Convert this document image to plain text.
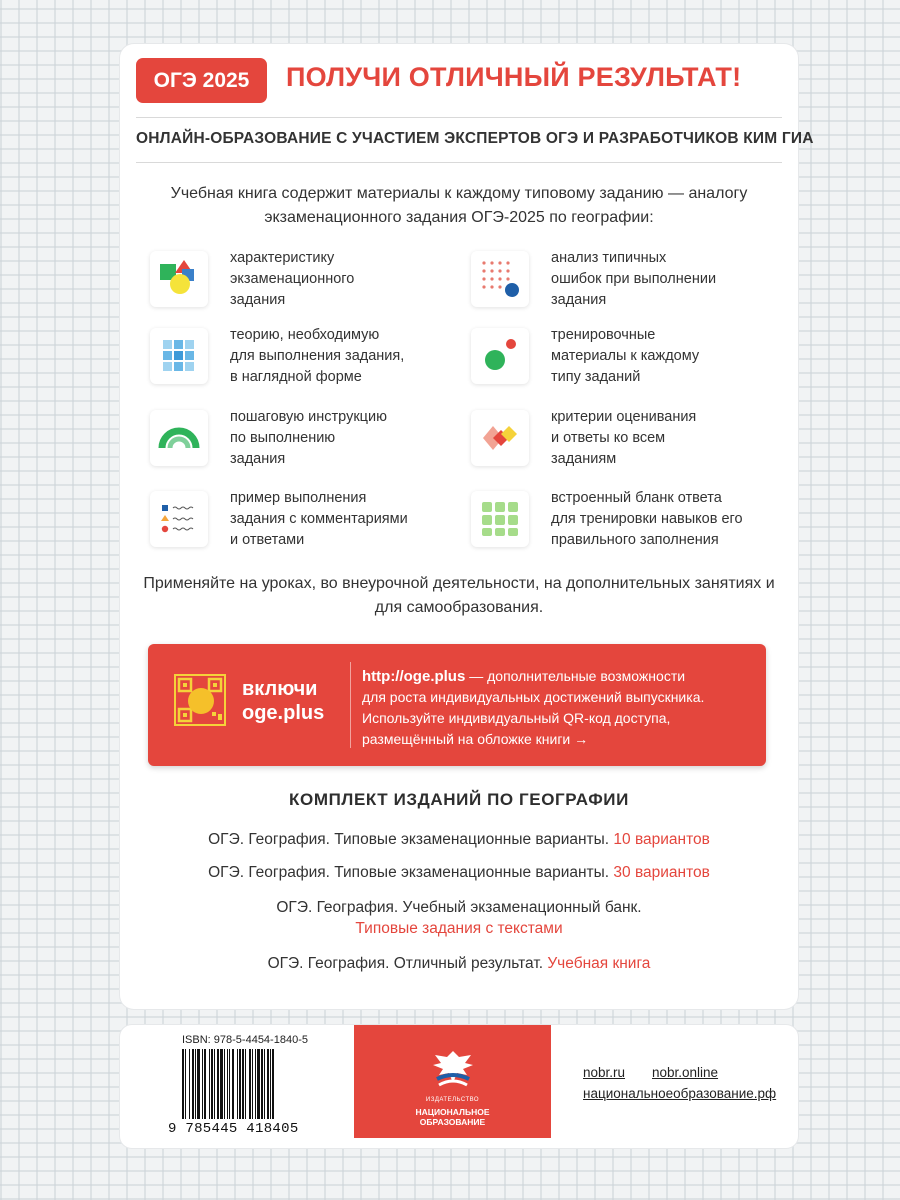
ОГЭ 2025	ПОЛУЧИ ОТЛИЧНЫЙ РЕЗУЛЬТАТ!
ОНЛАЙН-ОБРАЗОВАНИЕ С УЧАСТИЕМ ЭКСПЕРТОВ ОГЭ И РАЗРАБОТЧИКОВ КИМ ГИА
Учебная книга содержит материалы к каждому типовому заданию — аналогу экзаменационного задания ОГЭ-2025 по географии:
характеристику
экзаменационного
задания
анализ типичных
ошибок при выполнении
задания
теорию, необходимую
для выполнения задания,
в наглядной форме
тренировочные
материалы к каждому
типу заданий
пошаговую инструкцию
по выполнению
задания
критерии оценивания
и ответы ко всем
заданиям
пример выполнения
задания с комментариями
и ответами
встроенный бланк ответа
для тренировки навыков его
правильного заполнения
Применяйте на уроках, во внеурочной деятельности, на дополнительных занятиях и для самообразования.
включи
oge.plus
http://oge.plus — дополнительные возможности
для роста индивидуальных достижений выпускника.
Используйте индивидуальный QR-код доступа,
размещённый на обложке книги →
КОМПЛЕКТ ИЗДАНИЙ ПО ГЕОГРАФИИ
ОГЭ. География. Типовые экзаменационные варианты. 10 вариантов
ОГЭ. География. Типовые экзаменационные варианты. 30 вариантов
ОГЭ. География. Учебный экзаменационный банк.
Типовые задания с текстами
ОГЭ. География. Отличный результат. Учебная книга
ISBN: 978-5-4454-1840-5
9 785445 418405
ИЗДАТЕЛЬСТВО
НАЦИОНАЛЬНОЕ
ОБРАЗОВАНИЕ
nobr.ru nobr.online
национальноеобразование.рф
